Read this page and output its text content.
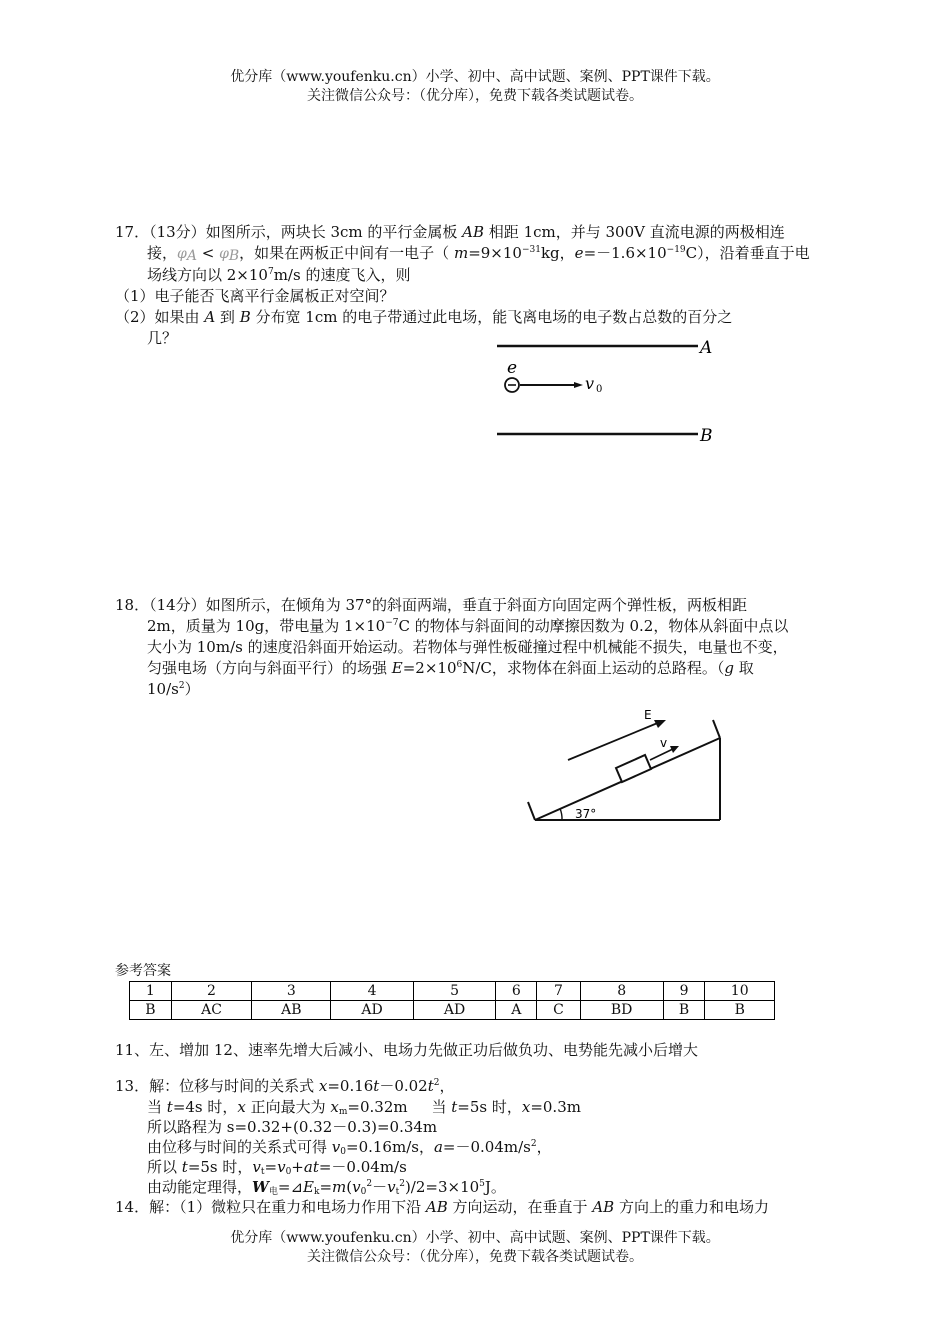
优分库（www.youfenku.cn）小学、初中、高中试题、案例、PPT课件下载。
关注微信公众号：（优分库），免费下载各类试题试卷。
17．（13分）如图所示，两块长 3cm 的平行金属板 AB 相距 1cm，并与 300V 直流电源的两极相连
接，$\varphi_A < \varphi_B$，如果在两板正中间有一电子（ $m=9\times 10^{-31}kg$，$e=-1.6\times 10^{-19}C$），沿着垂直于电
场线方向以 $2\times 10^7m/s$ 的速度飞入，则
（1）电子能否飞离平行金属板正对空间？
（2）如果由 A 到 B 分布宽 1cm 的电子带通过此电场，能飞离电场的电子数占总数的百分之
几？	A
B
e
v 0
18．（14分）如图所示，在倾角为 37°的斜面两端，垂直于斜面方向固定两个弹性板，两板相距
2m，质量为 10g，带电量为 $1\times 10^{-7}C$ 的物体与斜面间的动摩擦因数为 0.2，物体从斜面中点以
大小为 10m/s 的速度沿斜面开始运动。若物体与弹性板碰撞过程中机械能不损失，电量也不变，
匀强电场（方向与斜面平行）的场强 $E=2\times 10^6N/C$，求物体在斜面上运动的总路程。（g 取
$10/s^2$）
37°
v
E
参考答案
1	2	3	4	5	6	7	8	9	10
B	AC	AB	AD	AD	A	C	BD	B	B
11、左、增加 12、速率先增大后减小、电场力先做正功后做负功、电势能先减小后增大
13．解：位移与时间的关系式 $x=0.16t-0.02t^2$，
当 t=4s 时，x 正向最大为 $x_m=0.32m$     当 t=5s 时，x=0.3m
所以路程为 s=0.32+(0.32－0.3)=0.34m
由位移与时间的关系式可得 $v_0=0.16m/s$，$a=-0.04m/s^2$，
所以 t=5s 时，$v_t=v_0+at=-0.04m/s$
由动能定理得，$W_电=⊿E_k=m(v_0^2-v_t^2)/2=3\times 10^5J$。
14．解：（1）微粒只在重力和电场力作用下沿 AB 方向运动，在垂直于 AB 方向上的重力和电场力
优分库（www.youfenku.cn）小学、初中、高中试题、案例、PPT课件下载。
关注微信公众号：（优分库），免费下载各类试题试卷。
